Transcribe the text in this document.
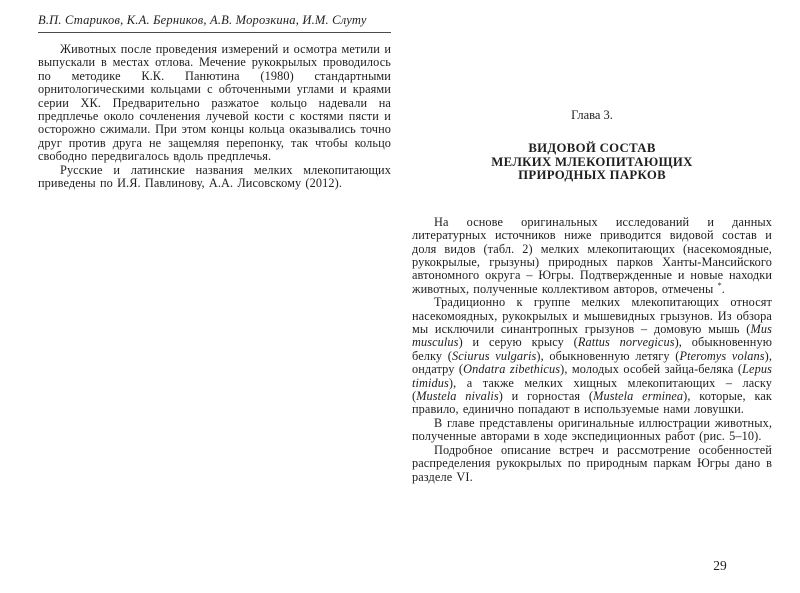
В.П. Стариков, К.А. Берников, А.В. Морозкина, И.М. Слуту

Животных после проведения измерений и осмотра метили и выпускали в местах отлова. Мечение рукокрылых проводилось по методике К.К. Панютина (1980) стандартными орнитологическими кольцами с обточенными углами и краями серии ХК. Предварительно разжатое кольцо надевали на предплечье около сочленения лучевой кости с костями пясти и осторожно сжимали. При этом концы кольца оказывались точно друг против друга не защемляя перепонку, так чтобы кольцо свободно передвигалось вдоль предплечья.

Русские и латинские названия мелких млекопитающих приведены по И.Я. Павлинову, А.А. Лисовскому (2012).

Глава 3.
ВИДОВОЙ СОСТАВ
МЕЛКИХ МЛЕКОПИТАЮЩИХ
ПРИРОДНЫХ ПАРКОВ

На основе оригинальных исследований и данных литературных источников ниже приводится видовой состав и доля видов (табл. 2) мелких млекопитающих (насекомоядные, рукокрылые, грызуны) природных парков Ханты-Мансийского автономного округа – Югры. Подтвержденные и новые находки животных, полученные коллективом авторов, отмечены *.

Традиционно к группе мелких млекопитающих относят насекомоядных, рукокрылых и мышевидных грызунов. Из обзора мы исключили синантропных грызунов – домовую мышь (Mus musculus) и серую крысу (Rattus norvegicus), обыкновенную белку (Sciurus vulgaris), обыкновенную летягу (Pteromys volans), ондатру (Ondatra zibethicus), молодых особей зайца-беляка (Lepus timidus), а также мелких хищных млекопитающих – ласку (Mustela nivalis) и горностая (Mustela erminea), которые, как правило, единично попадают в используемые нами ловушки.

В главе представлены оригинальные иллюстрации животных, полученные авторами в ходе экспедиционных работ (рис. 5–10).

Подробное описание встреч и рассмотрение особенностей распределения рукокрылых по природным паркам Югры дано в разделе VI.

29
